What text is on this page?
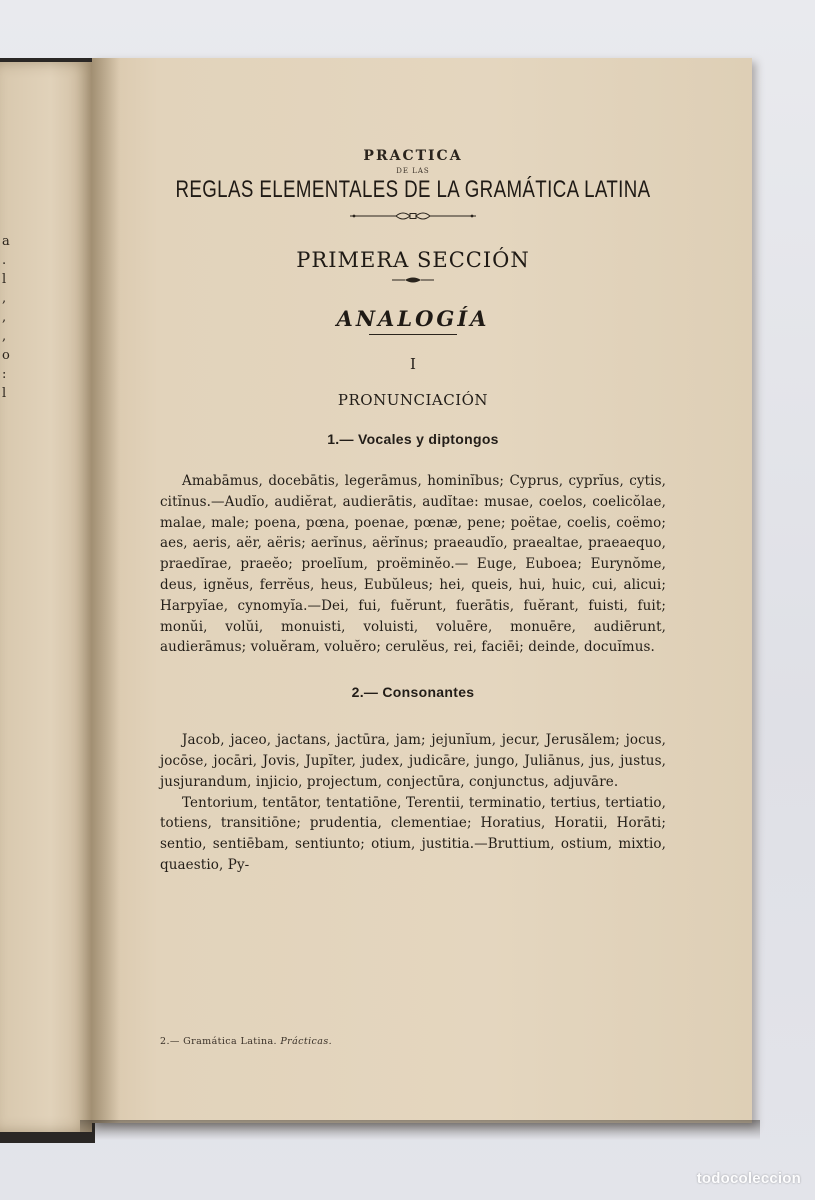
a
.
l
,
,
,
o
:
l
PRACTICA
DE LAS
REGLAS ELEMENTALES DE LA GRAMÁTICA LATINA
PRIMERA SECCIÓN
ANALOGÍA
I
PRONUNCIACIÓN
1.— Vocales y diptongos

Amabāmus, docebātis, legerāmus, hominĭbus; Cyprus, cyprĭus, cytis, citĭnus.—Audĭo, audiĕrat, audierātis, audĭtae: musae, coelos, coelicŏlae, malae, male; poena, pœna, poenae, pœnæ, pene; poëtae, coelis, coëmo; aes, aeris, aër, aëris; aerĭnus, aërĭnus; praeaudĭo, praealtae, praeaequo, praedĭrae, praeĕo; proelĭum, proëminĕo.— Euge, Euboea; Eurynŏme, deus, ignĕus, ferrĕus, heus, Eubŭleus; hei, queis, hui, huic, cui, alicui; Harpyĭae, cynomyĭa.—Dei, fui, fuĕrunt, fuerātis, fuĕrant, fuisti, fuit; monŭi, volŭi, monuisti, voluisti, voluēre, monuēre, audiērunt, audierāmus; voluĕram, voluĕro; cerulĕus, rei, faciēi; deinde, docuĭmus.

2.— Consonantes

Jacob, jaceo, jactans, jactūra, jam; jejunĭum, jecur, Jerusălem; jocus, jocōse, jocāri, Jovis, Jupĭter, judex, judicāre, jungo, Juliānus, jus, justus, jusjurandum, injicio, projectum, conjectūra, conjunctus, adjuvāre.

Tentorium, tentātor, tentatiōne, Terentii, terminatio, tertius, tertiatio, totiens, transitiōne; prudentia, clementiae; Horatius, Horatii, Horāti; sentio, sentiēbam, sentiunto; otium, justitia.—Bruttium, ostium, mixtio, quaestio, Py-

2.— Gramática Latina. Prácticas.
todocoleccion
